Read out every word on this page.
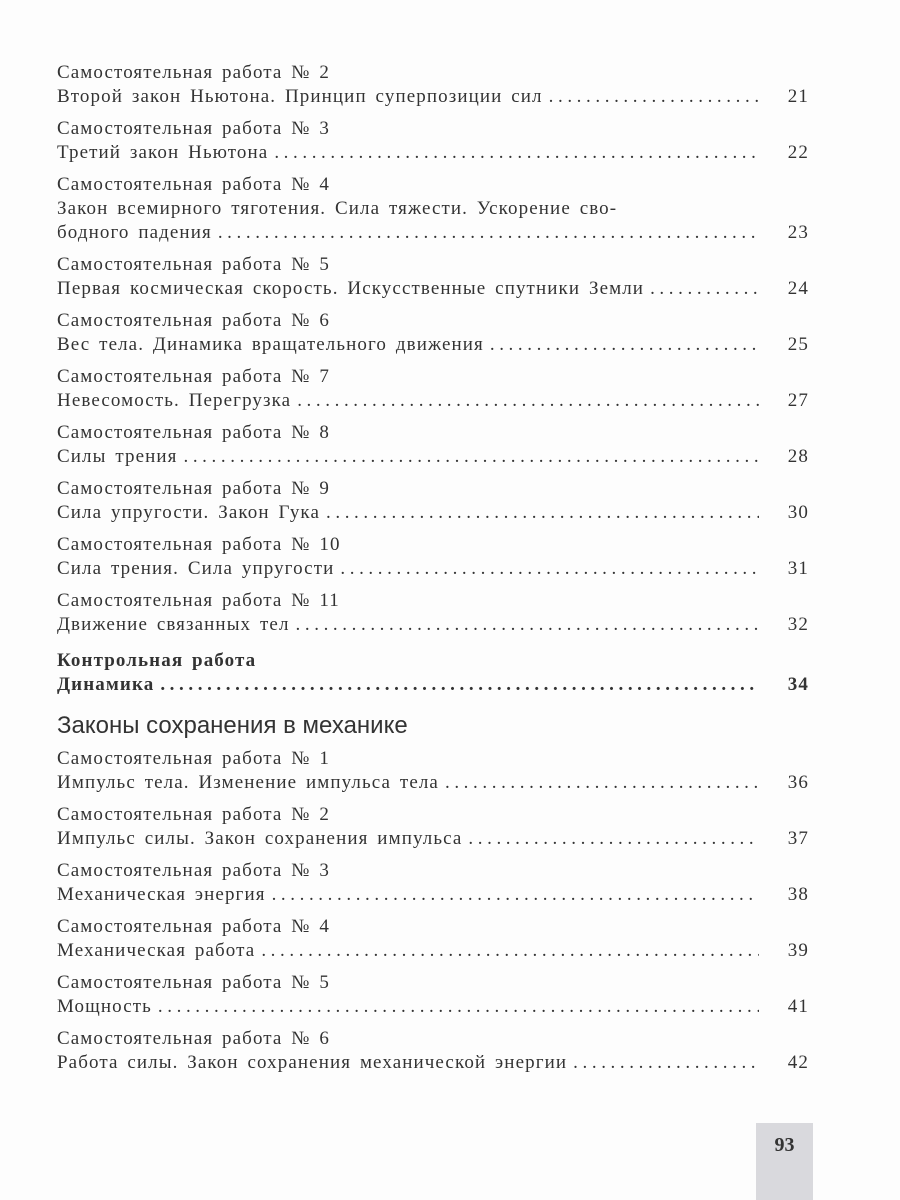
Самостоятельная работа № 2
Второй закон Ньютона. Принцип суперпозиции сил .....	21
Самостоятельная работа № 3
Третий закон Ньютона .....	22
Самостоятельная работа № 4
Закон всемирного тяготения. Сила тяжести. Ускорение сво-
бодного падения .....	23
Самостоятельная работа № 5
Первая космическая скорость. Искусственные спутники Земли .....	24
Самостоятельная работа № 6
Вес тела. Динамика вращательного движения .....	25
Самостоятельная работа № 7
Невесомость. Перегрузка .....	27
Самостоятельная работа № 8
Силы трения .....	28
Самостоятельная работа № 9
Сила упругости. Закон Гука .....	30
Самостоятельная работа № 10
Сила трения. Сила упругости .....	31
Самостоятельная работа № 11
Движение связанных тел .....	32
Контрольная работа
Динамика .....	34
Законы сохранения в механике
Самостоятельная работа № 1
Импульс тела. Изменение импульса тела .....	36
Самостоятельная работа № 2
Импульс силы. Закон сохранения импульса .....	37
Самостоятельная работа № 3
Механическая энергия .....	38
Самостоятельная работа № 4
Механическая работа .....	39
Самостоятельная работа № 5
Мощность .....	41
Самостоятельная работа № 6
Работа силы. Закон сохранения механической энергии .....	42
93
